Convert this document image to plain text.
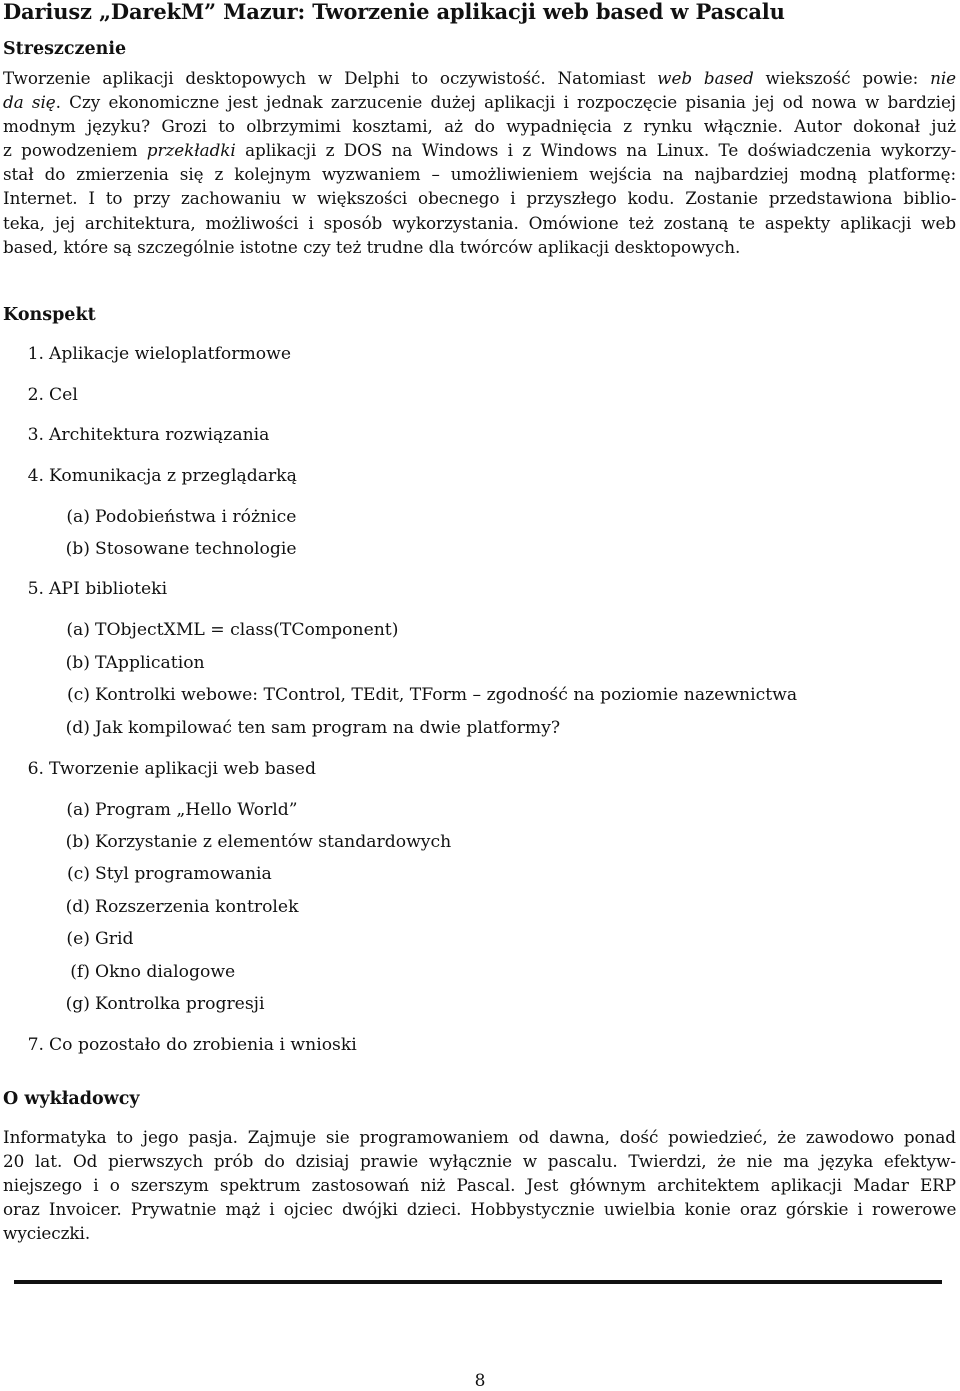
Dariusz „DarekM” Mazur: Tworzenie aplikacji web based w Pascalu
Streszczenie
Tworzenie aplikacji desktopowych w Delphi to oczywistość. Natomiast web based wiekszość powie: nie
da się. Czy ekonomiczne jest jednak zarzucenie dużej aplikacji i rozpoczęcie pisania jej od nowa w bardziej
modnym języku? Grozi to olbrzymimi kosztami, aż do wypadnięcia z rynku włącznie. Autor dokonał już
z powodzeniem przekładki aplikacji z DOS na Windows i z Windows na Linux. Te doświadczenia wykorzy-
stał do zmierzenia się z kolejnym wyzwaniem – umożliwieniem wejścia na najbardziej modną platformę:
Internet. I to przy zachowaniu w większości obecnego i przyszłego kodu. Zostanie przedstawiona biblio-
teka, jej architektura, możliwości i sposób wykorzystania. Omówione też zostaną te aspekty aplikacji web
based, które są szczególnie istotne czy też trudne dla twórców aplikacji desktopowych.
Konspekt
1. Aplikacje wieloplatformowe
2. Cel
3. Architektura rozwiązania
4. Komunikacja z przeglądarką
(a) Podobieństwa i różnice
(b) Stosowane technologie
5. API biblioteki
(a) TObjectXML = class(TComponent)
(b) TApplication
(c) Kontrolki webowe: TControl, TEdit, TForm – zgodność na poziomie nazewnictwa
(d) Jak kompilować ten sam program na dwie platformy?
6. Tworzenie aplikacji web based
(a) Program „Hello World”
(b) Korzystanie z elementów standardowych
(c) Styl programowania
(d) Rozszerzenia kontrolek
(e) Grid
(f) Okno dialogowe
(g) Kontrolka progresji
7. Co pozostało do zrobienia i wnioski
O wykładowcy
Informatyka to jego pasja. Zajmuje sie programowaniem od dawna, dość powiedzieć, że zawodowo ponad
20 lat. Od pierwszych prób do dzisiaj prawie wyłącznie w pascalu. Twierdzi, że nie ma języka efektyw-
niejszego i o szerszym spektrum zastosowań niż Pascal. Jest głównym architektem aplikacji Madar ERP
oraz Invoicer. Prywatnie mąż i ojciec dwójki dzieci. Hobbystycznie uwielbia konie oraz górskie i rowerowe
wycieczki.
8
